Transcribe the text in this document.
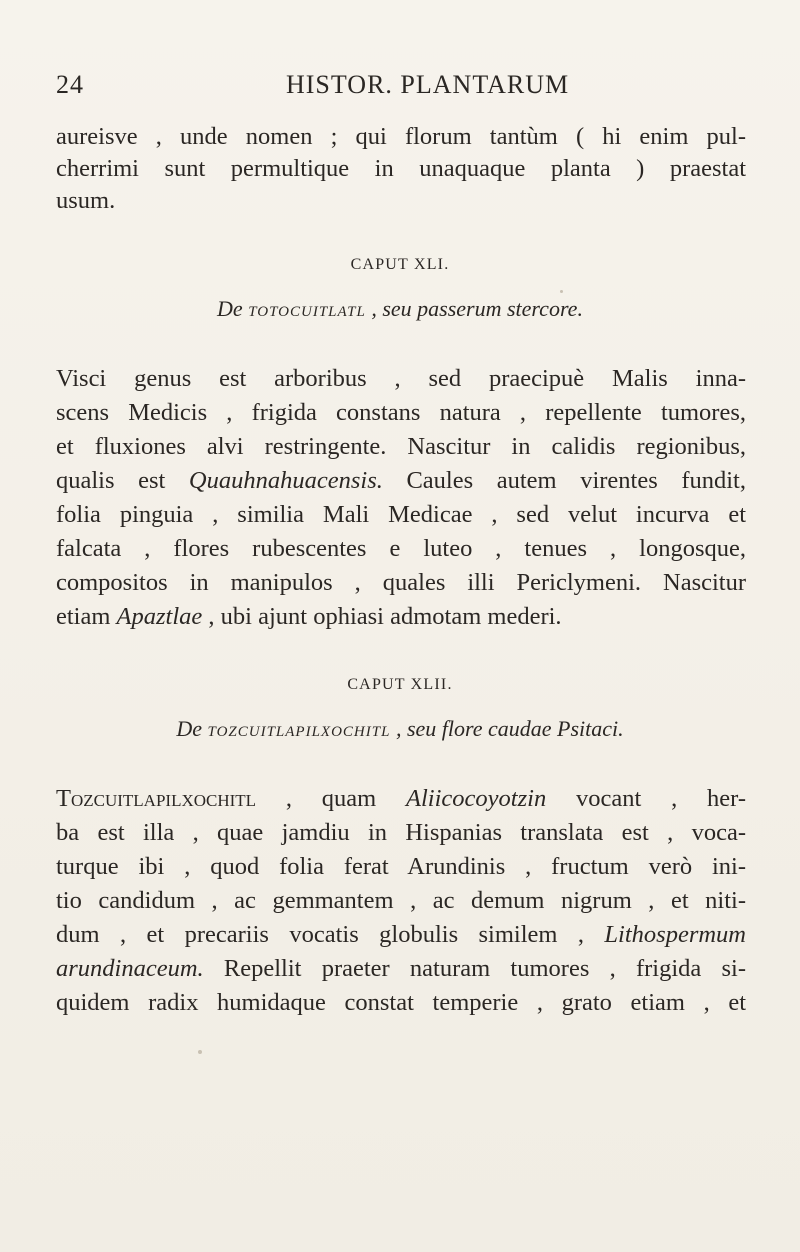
24	HISTOR. PLANTARUM
aureisve , unde nomen ; qui florum tantùm ( hi enim pul-
cherrimi sunt permultique in unaquaque planta ) praestat
usum.
CAPUT XLI.
De totocuitlatl , seu passerum stercore.
Visci genus est arboribus , sed praecipuè Malis inna-
scens Medicis , frigida constans natura , repellente tumores,
et fluxiones alvi restringente. Nascitur in calidis regionibus,
qualis est Quauhnahuacensis. Caules autem virentes fundit,
folia pinguia , similia Mali Medicae , sed velut incurva et
falcata , flores rubescentes e luteo , tenues , longosque,
compositos in manipulos , quales illi Periclymeni. Nascitur
etiam Apaztlae , ubi ajunt ophiasi admotam mederi.
CAPUT XLII.
De tozcuitlapilxochitl , seu flore caudae Psitaci.
Tozcuitlapilxochitl , quam Aliicocoyotzin vocant , her-
ba est illa , quae jamdiu in Hispanias translata est , voca-
turque ibi , quod folia ferat Arundinis , fructum verò ini-
tio candidum , ac gemmantem , ac demum nigrum , et niti-
dum , et precariis vocatis globulis similem , Lithospermum
arundinaceum. Repellit praeter naturam tumores , frigida si-
quidem radix humidaque constat temperie , grato etiam , et
